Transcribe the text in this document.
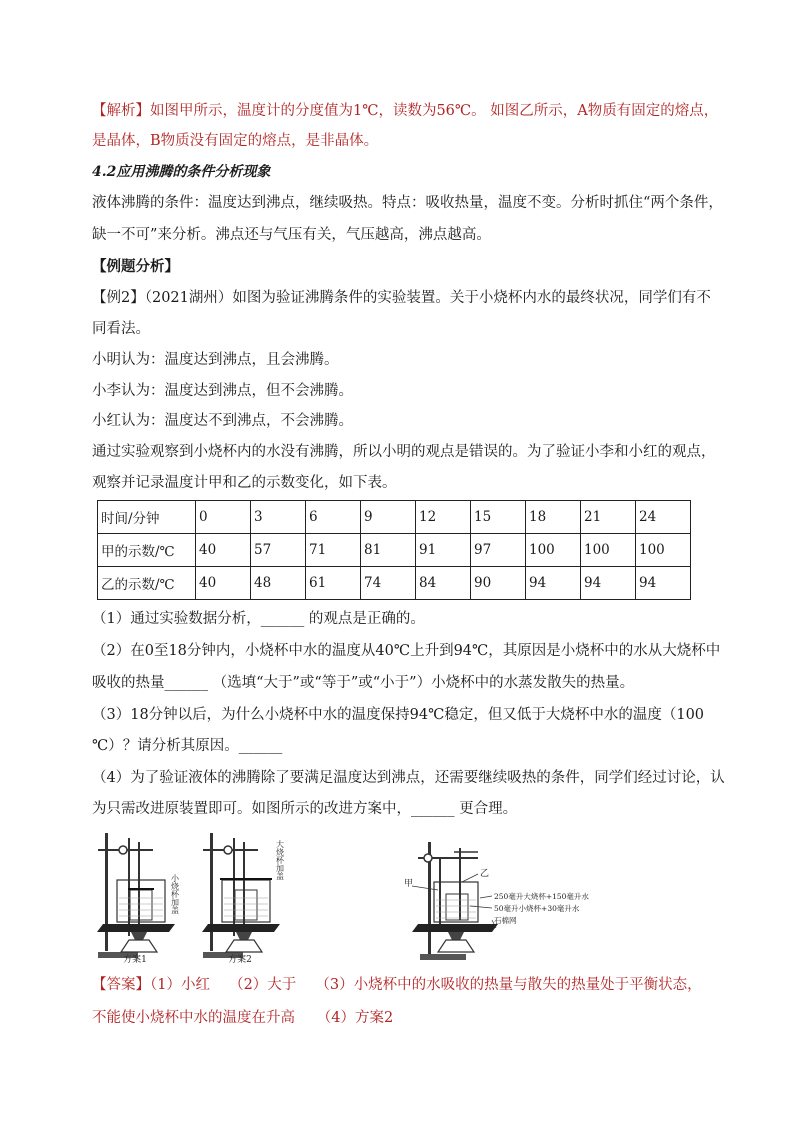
【解析】如图甲所示，温度计的分度值为1℃，读数为56℃。 如图乙所示，A物质有固定的熔点，
是晶体，B物质没有固定的熔点，是非晶体。
4.2应用沸腾的条件分析现象
液体沸腾的条件：温度达到沸点，继续吸热。特点：吸收热量，温度不变。分析时抓住“两个条件，
缺一不可”来分析。沸点还与气压有关，气压越高，沸点越高。
【例题分析】
【例2】（2021湖州）如图为验证沸腾条件的实验装置。关于小烧杯内水的最终状况，同学们有不
同看法。
小明认为：温度达到沸点，且会沸腾。
小李认为：温度达到沸点，但不会沸腾。
小红认为：温度达不到沸点，不会沸腾。
通过实验观察到小烧杯内的水没有沸腾，所以小明的观点是错误的。为了验证小李和小红的观点，
观察并记录温度计甲和乙的示数变化，如下表。
时间/分钟	0	3	6	9	12	15	18	21	24
甲的示数/℃	40	57	71	81	91	97	100	100	100
乙的示数/℃	40	48	61	74	84	90	94	94	94
（1）通过实验数据分析，______ 的观点是正确的。
（2）在0至18分钟内，小烧杯中水的温度从40℃上升到94℃，其原因是小烧杯中的水从大烧杯中
吸收的热量______ （选填“大于”或“等于”或“小于”）小烧杯中的水蒸发散失的热量。
（3）18分钟以后，为什么小烧杯中水的温度保持94℃稳定，但又低于大烧杯中水的温度（100
℃）？请分析其原因。______
（4）为了验证液体的沸腾除了要满足温度达到沸点，还需要继续吸热的条件，同学们经过讨论，认
为只需改进原装置即可。如图所示的改进方案中，______ 更合理。
方案1
小烧杯加盖
方案2
大烧杯加盖
甲
乙
250毫升大烧杯+150毫升水
50毫升小烧杯+30毫升水
石棉网
【答案】（1）小红　 （2）大于　 （3）小烧杯中的水吸收的热量与散失的热量处于平衡状态，
不能使小烧杯中水的温度在升高　　（4）方案2
